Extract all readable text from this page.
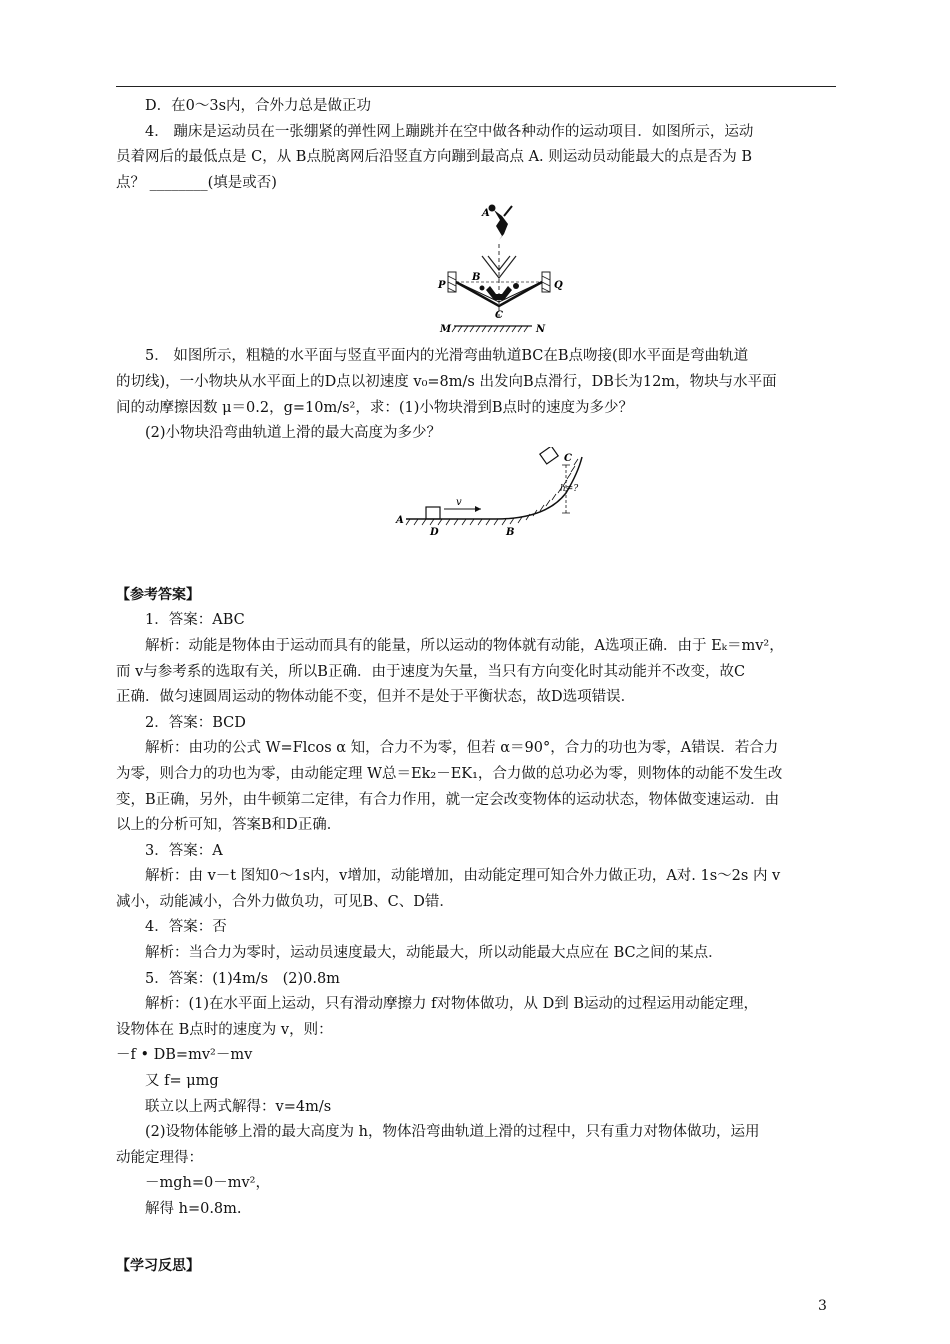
D．在0～3s内，合外力总是做正功
4． 蹦床是运动员在一张绷紧的弹性网上蹦跳并在空中做各种动作的运动项目．如图所示，运动
员着网后的最低点是 C，从 B点脱离网后沿竖直方向蹦到最高点 A. 则运动员动能最大的点是否为 B
点？ ________(填是或否)
A
B
P	Q
C
M	N
5． 如图所示，粗糙的水平面与竖直平面内的光滑弯曲轨道BC在B点吻接(即水平面是弯曲轨道
的切线)，一小物块从水平面上的D点以初速度 v₀=8m/s 出发向B点滑行，DB长为12m，物块与水平面
间的动摩擦因数 μ＝0.2，g=10m/s²，求：(1)小物块滑到B点时的速度为多少？
(2)小物块沿弯曲轨道上滑的最大高度为多少？
v
C
h=?
A
D	B
【参考答案】
1．答案：ABC
解析：动能是物体由于运动而具有的能量，所以运动的物体就有动能，A选项正确．由于 Eₖ＝mv²，
而 v与参考系的选取有关，所以B正确．由于速度为矢量，当只有方向变化时其动能并不改变，故C
正确．做匀速圆周运动的物体动能不变，但并不是处于平衡状态，故D选项错误．
2．答案：BCD
解析：由功的公式 W=Flcos α 知，合力不为零，但若 α＝90°，合力的功也为零，A错误．若合力
为零，则合力的功也为零，由动能定理 W总＝Ek₂－EK₁，合力做的总功必为零，则物体的动能不发生改
变，B正确，另外，由牛顿第二定律，有合力作用，就一定会改变物体的运动状态，物体做变速运动．由
以上的分析可知，答案B和D正确．
3．答案：A
解析：由 v－t 图知0～1s内，v增加，动能增加，由动能定理可知合外力做正功，A对. 1s～2s 内 v
减小，动能减小，合外力做负功，可见B、C、D错．
4．答案：否
解析：当合力为零时，运动员速度最大，动能最大，所以动能最大点应在 BC之间的某点．
5．答案：(1)4m/s　(2)0.8m
解析：(1)在水平面上运动，只有滑动摩擦力 f对物体做功，从 D到 B运动的过程运用动能定理，
设物体在 B点时的速度为 v，则：
－f • DB=mv²－mv
又 f= μmg
联立以上两式解得：v=4m/s
(2)设物体能够上滑的最大高度为 h，物体沿弯曲轨道上滑的过程中，只有重力对物体做功，运用
动能定理得：
－mgh=0－mv²，
解得 h=0.8m.
【学习反思】
3
